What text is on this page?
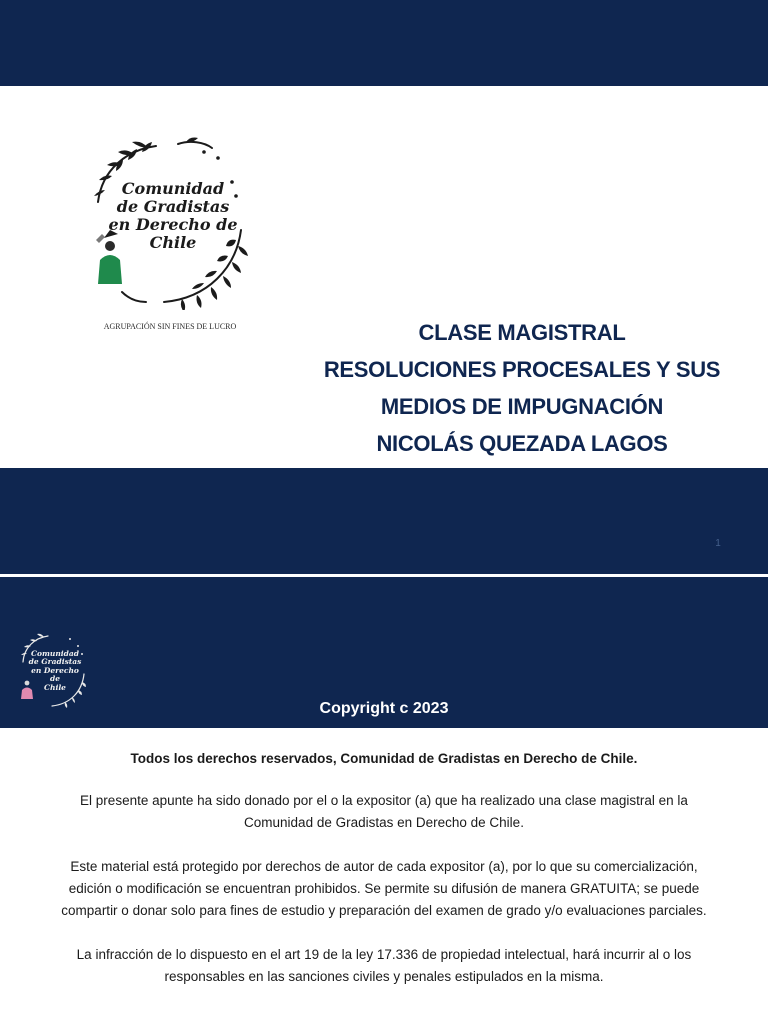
Comunidad
de Gradistas
en Derecho de
Chile
AGRUPACIÓN SIN FINES DE LUCRO	CLASE MAGISTRAL
RESOLUCIONES PROCESALES Y SUS
MEDIOS DE IMPUGNACIÓN
NICOLÁS QUEZADA LAGOS
1
Comunidad
de Gradistas
en Derecho de
Chile
Copyright c 2023

Todos los derechos reservados, Comunidad de Gradistas en Derecho de Chile.

El presente apunte ha sido donado por el o la expositor (a) que ha realizado una clase magistral en la Comunidad de Gradistas en Derecho de Chile.

Este material está protegido por derechos de autor de cada expositor (a), por lo que su comercialización, edición o modificación se encuentran prohibidos. Se permite su difusión de manera GRATUITA; se puede compartir o donar solo para fines de estudio y preparación del examen de grado y/o evaluaciones parciales.

La infracción de lo dispuesto en el art 19 de la ley 17.336 de propiedad intelectual, hará incurrir al o los responsables en las sanciones civiles y penales estipulados en la misma.
